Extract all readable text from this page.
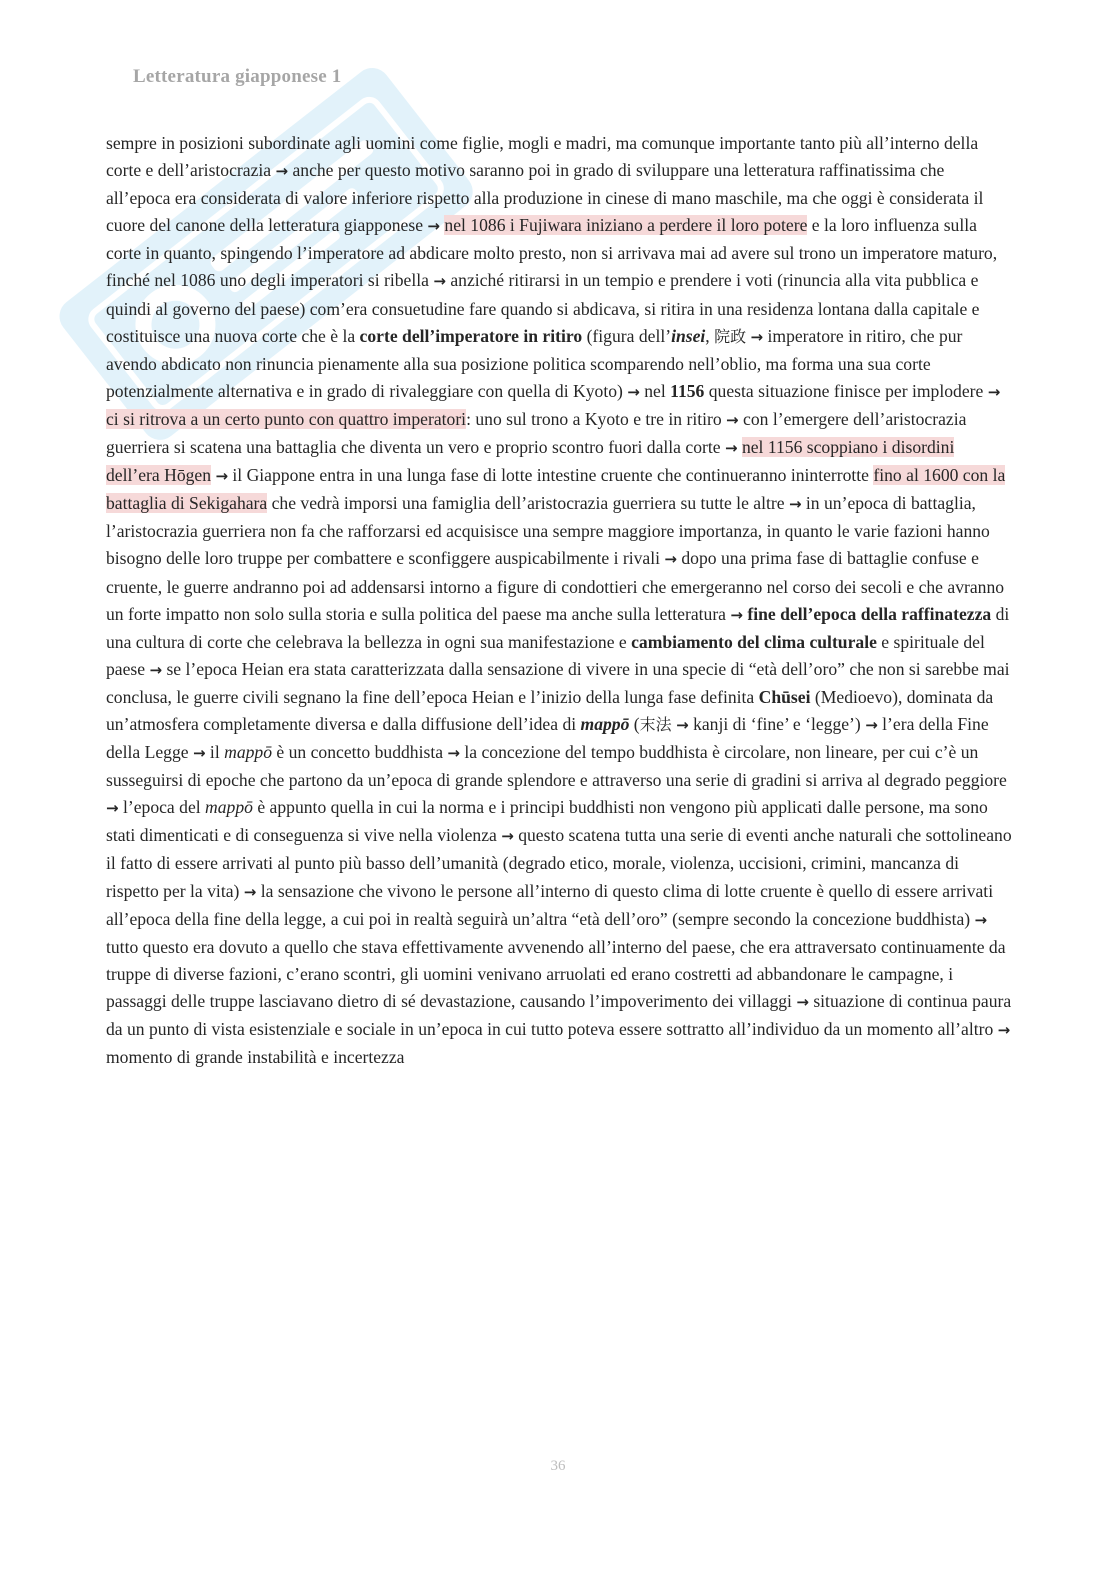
Letteratura giapponese 1
sempre in posizioni subordinate agli uomini come figlie, mogli e madri, ma comunque importante tanto più all’interno della corte e dell’aristocrazia → anche per questo motivo saranno poi in grado di sviluppare una letteratura raffinatissima che all’epoca era considerata di valore inferiore rispetto alla produzione in cinese di mano maschile, ma che oggi è considerata il cuore del canone della letteratura giapponese → nel 1086 i Fujiwara iniziano a perdere il loro potere e la loro influenza sulla corte in quanto, spingendo l’imperatore ad abdicare molto presto, non si arrivava mai ad avere sul trono un imperatore maturo, finché nel 1086 uno degli imperatori si ribella → anziché ritirarsi in un tempio e prendere i voti (rinuncia alla vita pubblica e quindi al governo del paese) com’era consuetudine fare quando si abdicava, si ritira in una residenza lontana dalla capitale e costituisce una nuova corte che è la corte dell’imperatore in ritiro (figura dell’insei, 院政 → imperatore in ritiro, che pur avendo abdicato non rinuncia pienamente alla sua posizione politica scomparendo nell’oblio, ma forma una sua corte potenzialmente alternativa e in grado di rivaleggiare con quella di Kyoto) → nel 1156 questa situazione finisce per implodere → ci si ritrova a un certo punto con quattro imperatori: uno sul trono a Kyoto e tre in ritiro → con l’emergere dell’aristocrazia guerriera si scatena una battaglia che diventa un vero e proprio scontro fuori dalla corte → nel 1156 scoppiano i disordini dell’era Hōgen → il Giappone entra in una lunga fase di lotte intestine cruente che continueranno ininterrotte fino al 1600 con la battaglia di Sekigahara che vedrà imporsi una famiglia dell’aristocrazia guerriera su tutte le altre → in un’epoca di battaglia, l’aristocrazia guerriera non fa che rafforzarsi ed acquisisce una sempre maggiore importanza, in quanto le varie fazioni hanno bisogno delle loro truppe per combattere e sconfiggere auspicabilmente i rivali → dopo una prima fase di battaglie confuse e cruente, le guerre andranno poi ad addensarsi intorno a figure di condottieri che emergeranno nel corso dei secoli e che avranno un forte impatto non solo sulla storia e sulla politica del paese ma anche sulla letteratura → fine dell’epoca della raffinatezza di una cultura di corte che celebrava la bellezza in ogni sua manifestazione e cambiamento del clima culturale e spirituale del paese → se l’epoca Heian era stata caratterizzata dalla sensazione di vivere in una specie di “età dell’oro” che non si sarebbe mai conclusa, le guerre civili segnano la fine dell’epoca Heian e l’inizio della lunga fase definita Chūsei (Medioevo), dominata da un’atmosfera completamente diversa e dalla diffusione dell’idea di mappō (末法 → kanji di ‘fine’ e ‘legge’) → l’era della Fine della Legge → il mappō è un concetto buddhista → la concezione del tempo buddhista è circolare, non lineare, per cui c’è un susseguirsi di epoche che partono da un’epoca di grande splendore e attraverso una serie di gradini si arriva al degrado peggiore → l’epoca del mappō è appunto quella in cui la norma e i principi buddhisti non vengono più applicati dalle persone, ma sono stati dimenticati e di conseguenza si vive nella violenza → questo scatena tutta una serie di eventi anche naturali che sottolineano il fatto di essere arrivati al punto più basso dell’umanità (degrado etico, morale, violenza, uccisioni, crimini, mancanza di rispetto per la vita) → la sensazione che vivono le persone all’interno di questo clima di lotte cruente è quello di essere arrivati all’epoca della fine della legge, a cui poi in realtà seguirà un’altra “età dell’oro” (sempre secondo la concezione buddhista) → tutto questo era dovuto a quello che stava effettivamente avvenendo all’interno del paese, che era attraversato continuamente da truppe di diverse fazioni, c’erano scontri, gli uomini venivano arruolati ed erano costretti ad abbandonare le campagne, i passaggi delle truppe lasciavano dietro di sé devastazione, causando l’impoverimento dei villaggi → situazione di continua paura da un punto di vista esistenziale e sociale in un’epoca in cui tutto poteva essere sottratto all’individuo da un momento all’altro → momento di grande instabilità e incertezza
36
